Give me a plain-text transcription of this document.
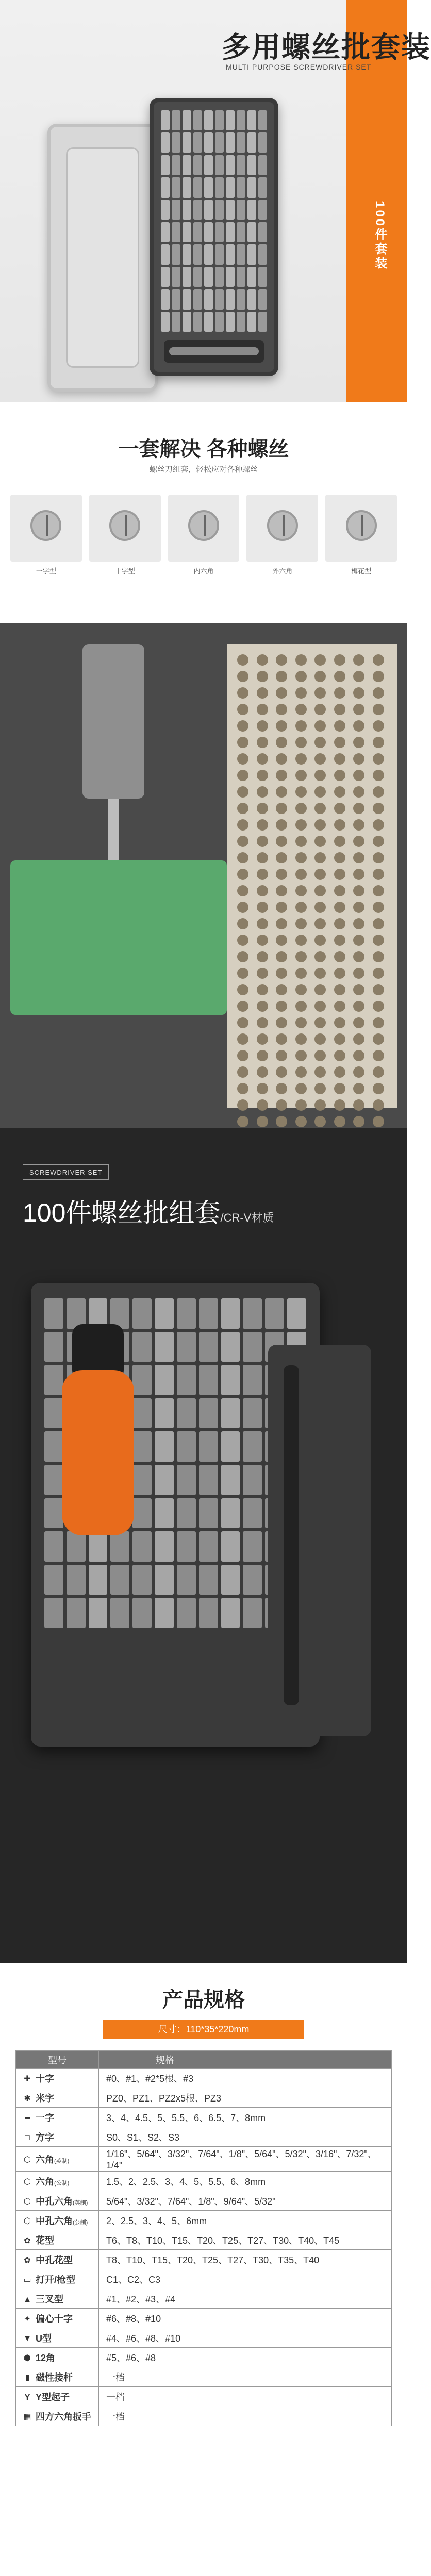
多用螺丝批套装
MULTI PURPOSE SCREWDRIVER SET
100件套装
一套解决 各种螺丝
螺丝刀组套，轻松应对各种螺丝
一字型	十字型	内六角	外六角	梅花型
SCREWDRIVER SET
100件螺丝批组套/CR-V材质
产品规格
尺寸：110*35*220mm
型号	规格
✚ 十字	#0、#1、#2*5根、#3
✱ 米字	PZ0、PZ1、PZ2x5根、PZ3
━ 一字	3、4、4.5、5、5.5、6、6.5、7、8mm
□ 方字	S0、S1、S2、S3
⬡ 六角(英制)	1/16"、5/64"、3/32"、7/64"、1/8"、5/64"、5/32"、3/16"、7/32"、1/4"
⬡ 六角(公制)	1.5、2、2.5、3、4、5、5.5、6、8mm
⬡ 中孔六角(英制)	5/64"、3/32"、7/64"、1/8"、9/64"、5/32"
⬡ 中孔六角(公制)	2、2.5、3、4、5、6mm
✿ 花型	T6、T8、T10、T15、T20、T25、T27、T30、T40、T45
✿ 中孔花型	T8、T10、T15、T20、T25、T27、T30、T35、T40
▭ 打开/枪型	C1、C2、C3
▲ 三叉型	#1、#2、#3、#4
✦ 偏心十字	#6、#8、#10
▼ U型	#4、#6、#8、#10
⬢ 12角	#5、#6、#8
▮ 磁性接杆	一档
Y Y型起子	一档
▦ 四方六角扳手	一档
